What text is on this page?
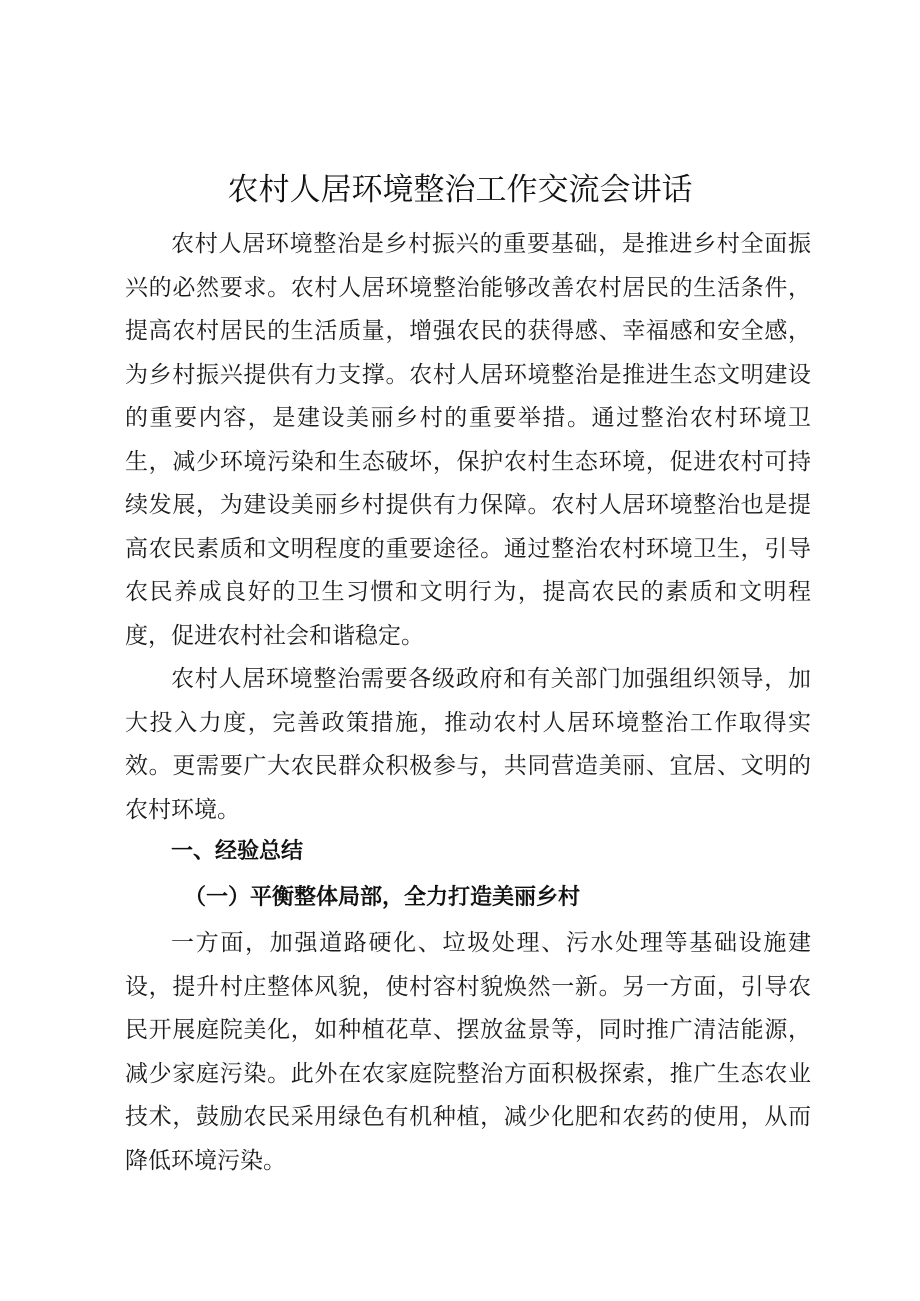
农村人居环境整治工作交流会讲话

农村人居环境整治是乡村振兴的重要基础，是推进乡村全面振兴的必然要求。农村人居环境整治能够改善农村居民的生活条件，提高农村居民的生活质量，增强农民的获得感、幸福感和安全感，为乡村振兴提供有力支撑。农村人居环境整治是推进生态文明建设的重要内容，是建设美丽乡村的重要举措。通过整治农村环境卫生，减少环境污染和生态破坏，保护农村生态环境，促进农村可持续发展，为建设美丽乡村提供有力保障。农村人居环境整治也是提高农民素质和文明程度的重要途径。通过整治农村环境卫生，引导农民养成良好的卫生习惯和文明行为，提高农民的素质和文明程度，促进农村社会和谐稳定。

农村人居环境整治需要各级政府和有关部门加强组织领导，加大投入力度，完善政策措施，推动农村人居环境整治工作取得实效。更需要广大农民群众积极参与，共同营造美丽、宜居、文明的农村环境。

一、经验总结
（一）平衡整体局部，全力打造美丽乡村

一方面，加强道路硬化、垃圾处理、污水处理等基础设施建设，提升村庄整体风貌，使村容村貌焕然一新。另一方面，引导农民开展庭院美化，如种植花草、摆放盆景等，同时推广清洁能源，减少家庭污染。此外在农家庭院整治方面积极探索，推广生态农业技术，鼓励农民采用绿色有机种植，减少化肥和农药的使用，从而降低环境污染。
